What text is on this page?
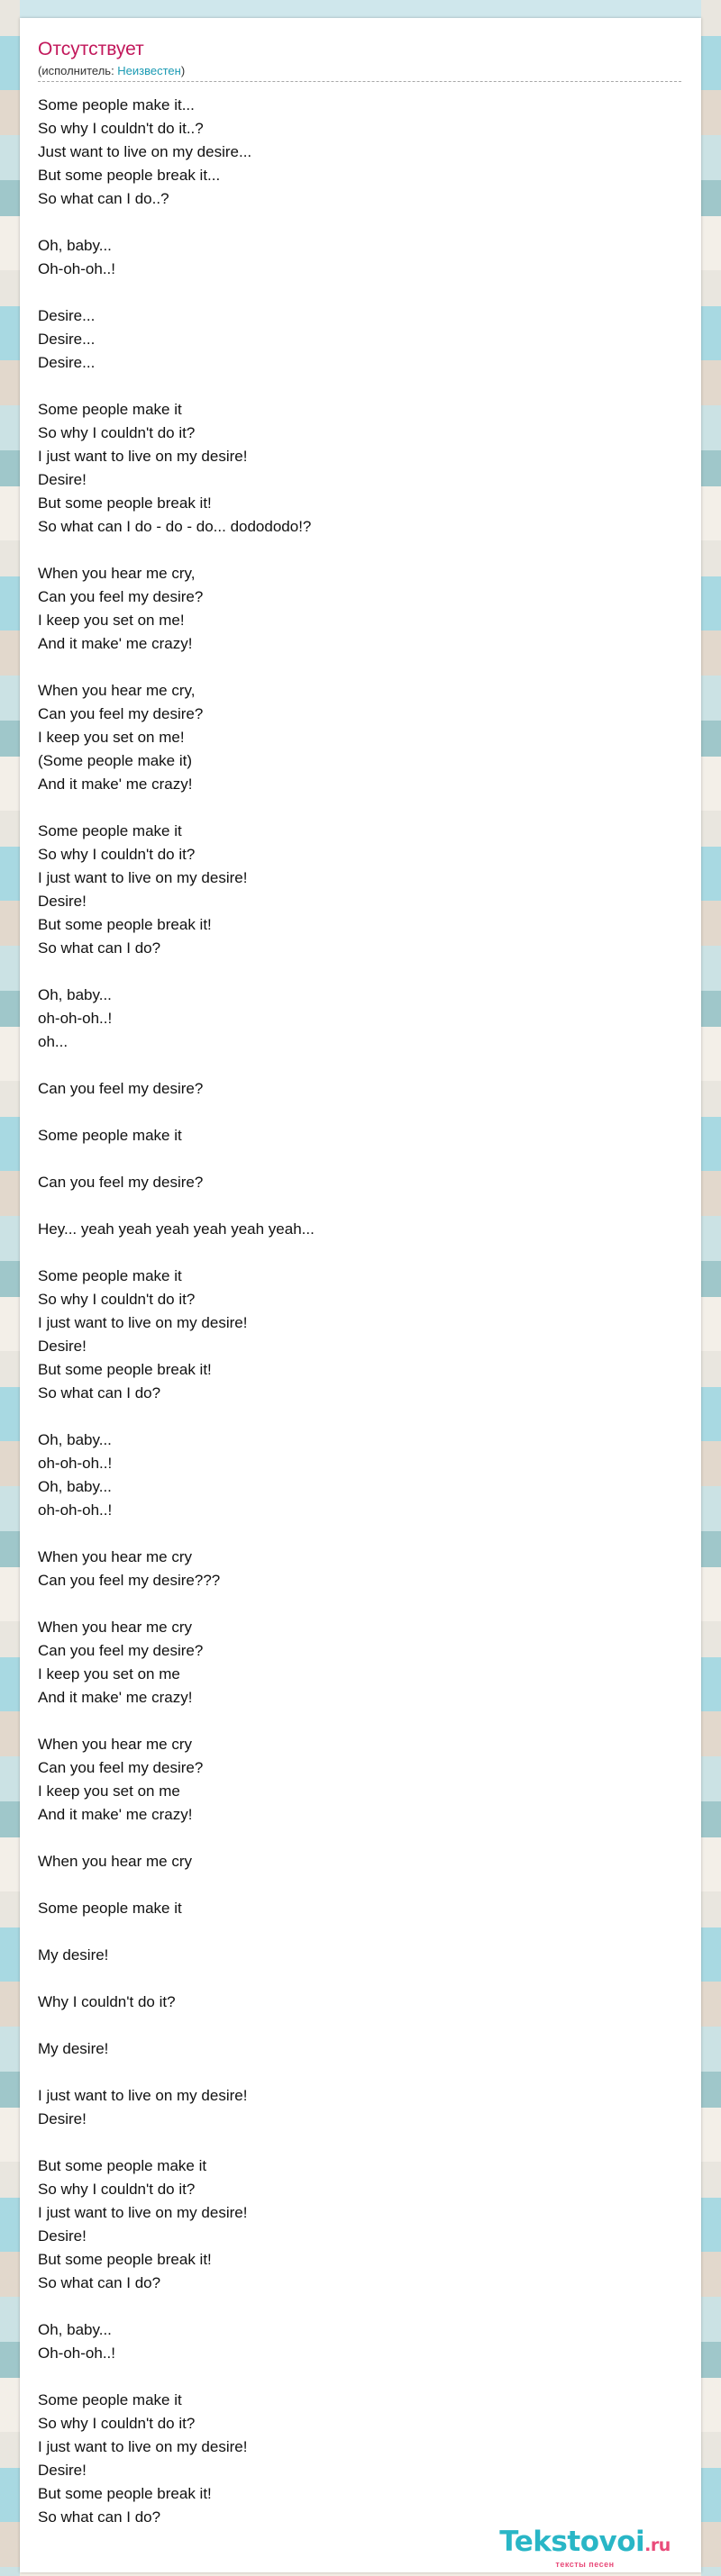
Отсутствует
(исполнитель: Неизвестен)
Some people make it...
So why I couldn't do it..?
Just want to live on my desire...
But some people break it...
So what can I do..?
Oh, baby...
Oh-oh-oh..!
Desire...
Desire...
Desire...
Some people make it
So why I couldn't do it?
I just want to live on my desire!
Desire!
But some people break it!
So what can I do - do - do... dodododo!?
When you hear me cry,
Can you feel my desire?
I keep you set on me!
And it make' me crazy!
When you hear me cry,
Can you feel my desire?
I keep you set on me!
(Some people make it)
And it make' me crazy!
Some people make it
So why I couldn't do it?
I just want to live on my desire!
Desire!
But some people break it!
So what can I do?
Oh, baby...
oh-oh-oh..!
oh...
Can you feel my desire?
Some people make it
Can you feel my desire?
Hey... yeah yeah yeah yeah yeah yeah...
Some people make it
So why I couldn't do it?
I just want to live on my desire!
Desire!
But some people break it!
So what can I do?
Oh, baby...
oh-oh-oh..!
Oh, baby...
oh-oh-oh..!
When you hear me cry
Can you feel my desire???
When you hear me cry
Can you feel my desire?
I keep you set on me
And it make' me crazy!
When you hear me cry
Can you feel my desire?
I keep you set on me
And it make' me crazy!
When you hear me cry
Some people make it
My desire!
Why I couldn't do it?
My desire!
I just want to live on my desire!
Desire!
But some people make it
So why I couldn't do it?
I just want to live on my desire!
Desire!
But some people break it!
So what can I do?
Oh, baby...
Oh-oh-oh..!
Some people make it
So why I couldn't do it?
I just want to live on my desire!
Desire!
But some people break it!
So what can I do?
Tekstovoi.ru
тексты песен
